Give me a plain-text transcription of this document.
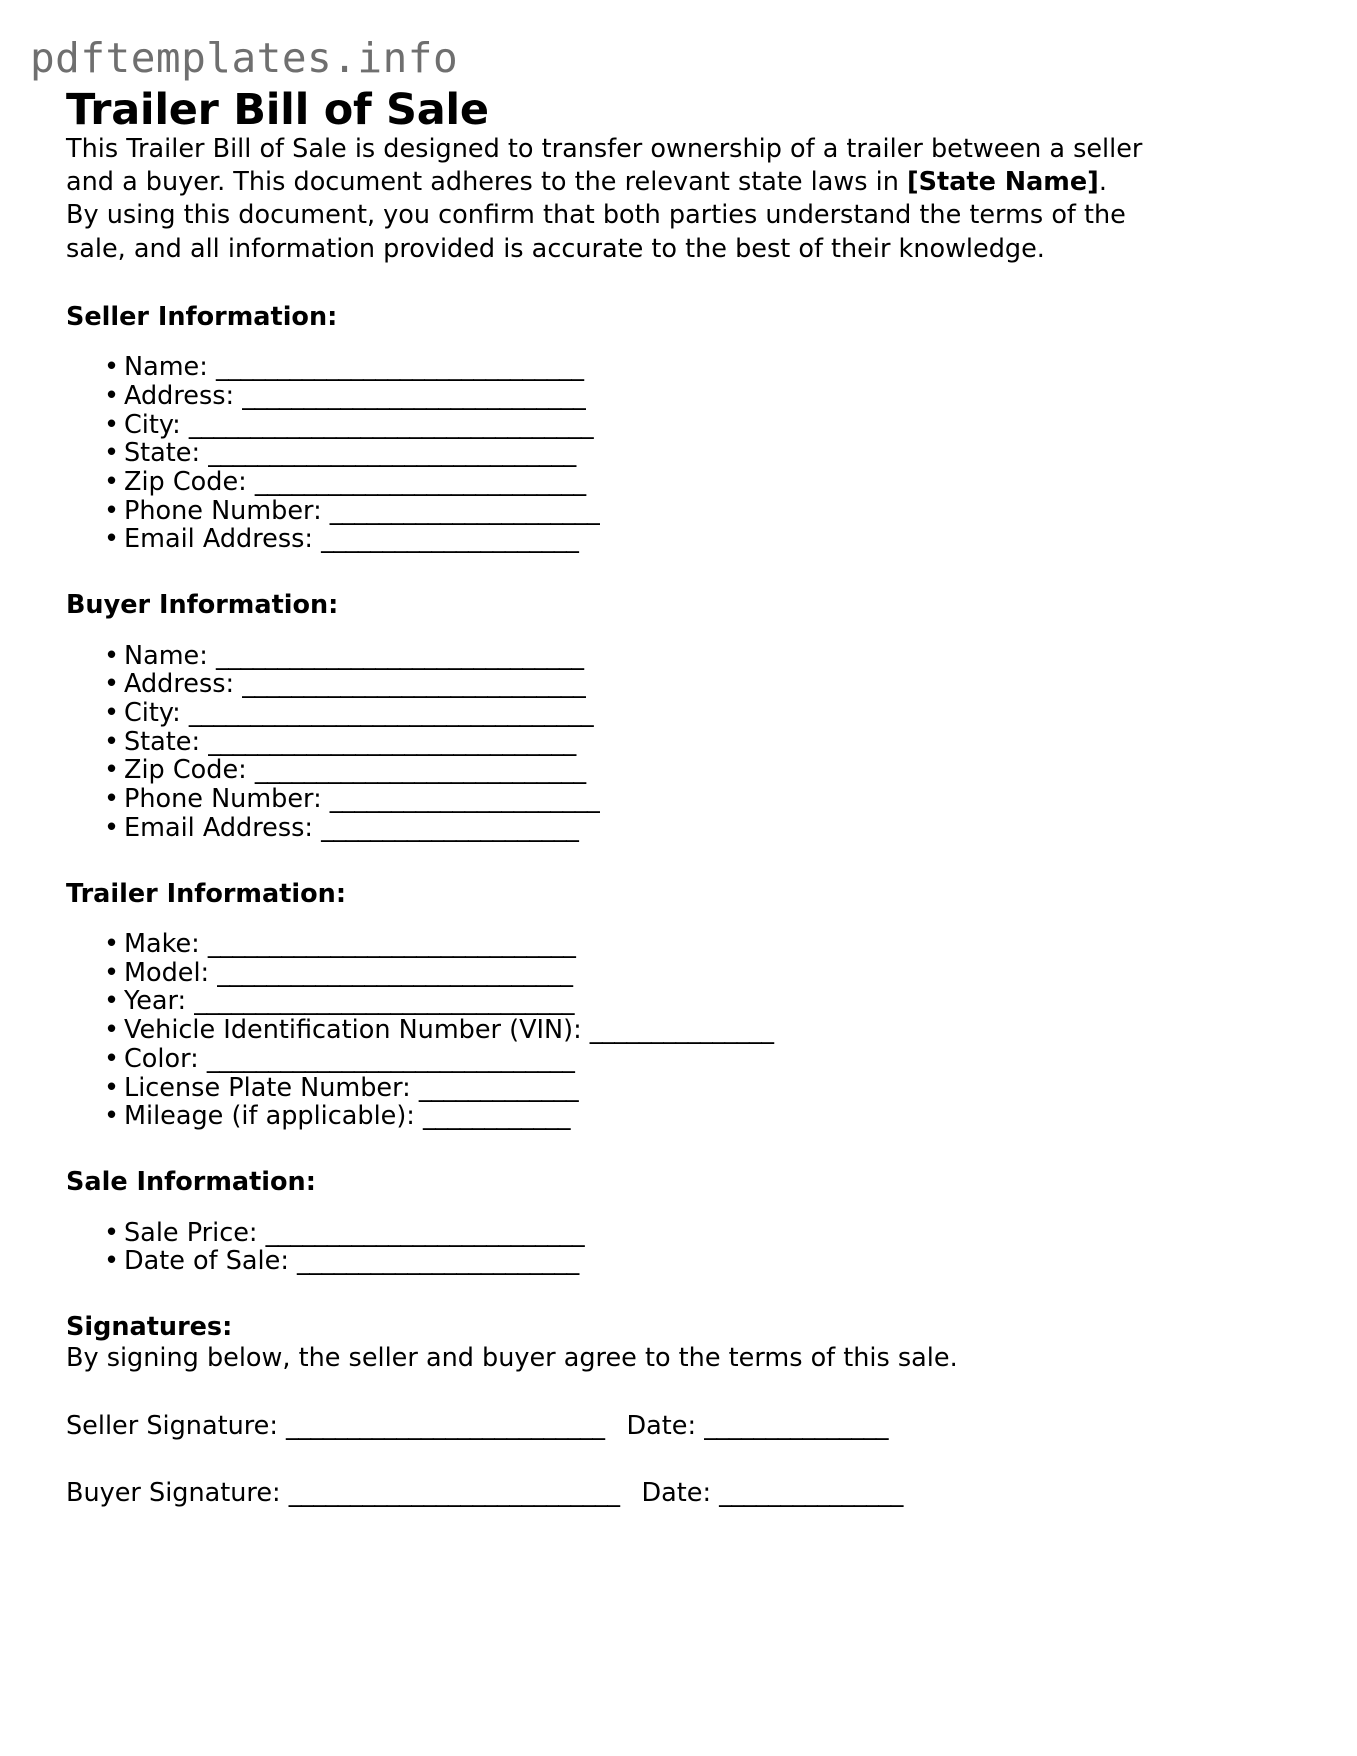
pdftemplates.info
Trailer Bill of Sale

This Trailer Bill of Sale is designed to transfer ownership of a trailer between a seller and a buyer. This document adheres to the relevant state laws in [State Name].

By using this document, you confirm that both parties understand the terms of the sale, and all information provided is accurate to the best of their knowledge.

Seller Information:
• Name: ______________________________
• Address: ____________________________
• City: _________________________________
• State: ______________________________
• Zip Code: ___________________________
• Phone Number: ______________________
• Email Address: _____________________
Buyer Information:
• Name: ______________________________
• Address: ____________________________
• City: _________________________________
• State: ______________________________
• Zip Code: ___________________________
• Phone Number: ______________________
• Email Address: _____________________
Trailer Information:
• Make: ______________________________
• Model: _____________________________
• Year: _______________________________
• Vehicle Identification Number (VIN): _______________
• Color: ______________________________
• License Plate Number: _____________
• Mileage (if applicable): ____________
Sale Information:
• Sale Price: __________________________
• Date of Sale: _______________________
Signatures:

By signing below, the seller and buyer agree to the terms of this sale.

Seller Signature: __________________________ Date: _______________
Buyer Signature: ___________________________ Date: _______________
